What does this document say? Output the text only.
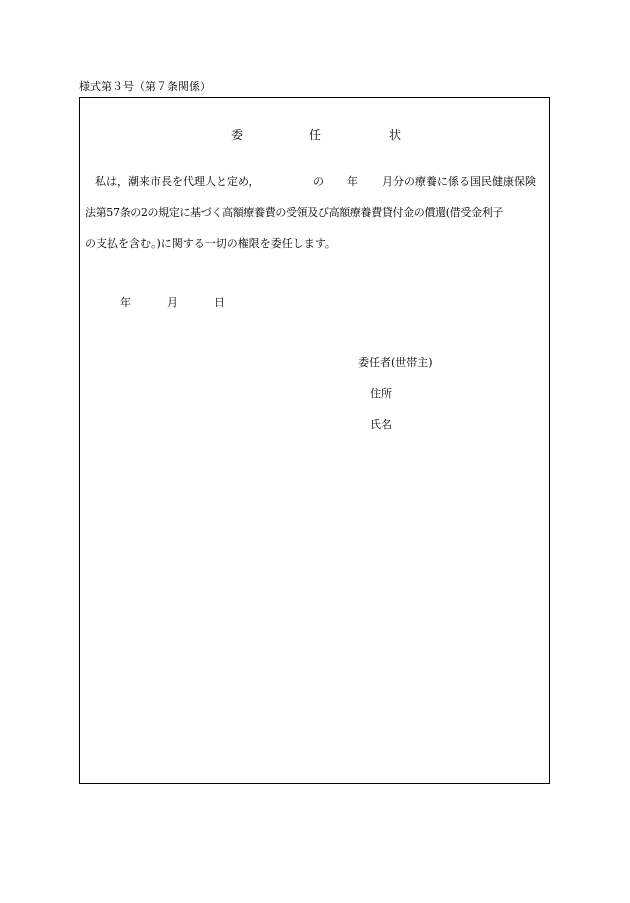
様式第３号（第７条関係）
委	任	状
私は，潮来市長を代理人と定め，	の 年 月分の療養に係る国民健康保険
法第57条の2の規定に基づく高額療養費の受領及び高額療養費貸付金の償還(借受金利子
の支払を含む。)に関する一切の権限を委任します。
年	月	日
委任者(世帯主)
住所
氏名
